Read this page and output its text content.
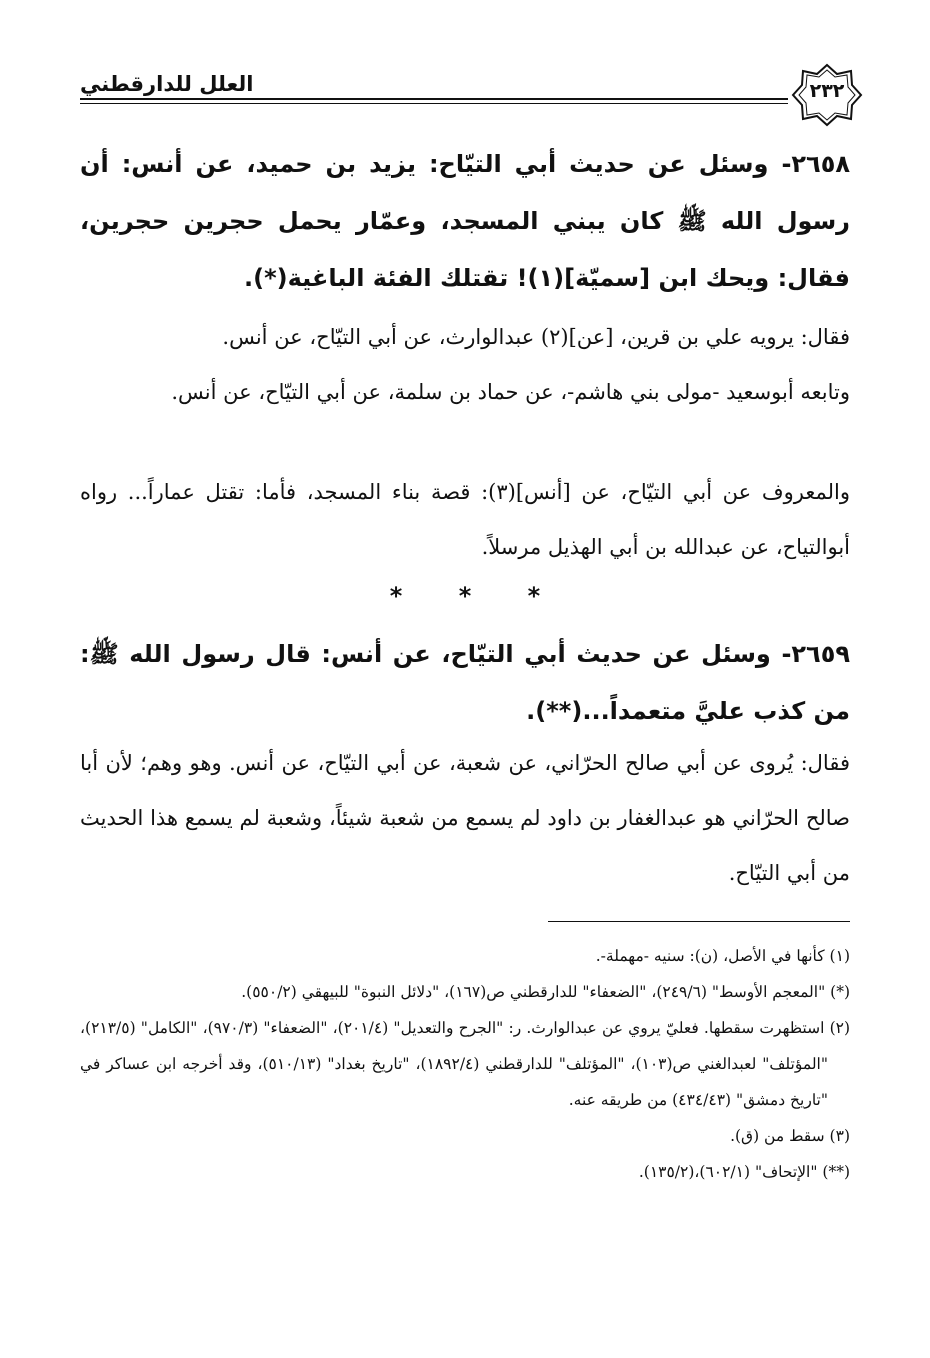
العلل للدارقطني	٢٣٢

٢٦٥٨- وسئل عن حديث أبي التيّاح: يزيد بن حميد، عن أنس: أن رسول الله ﷺ كان يبني المسجد، وعمّار يحمل حجرين حجرين، فقال: ويحك ابن [سميّة](١)! تقتلك الفئة الباغية(*).

فقال: يرويه علي بن قرين، [عن](٢) عبدالوارث، عن أبي التيّاح، عن أنس.

وتابعه أبوسعيد -مولى بني هاشم-، عن حماد بن سلمة، عن أبي التيّاح، عن أنس.

والمعروف عن أبي التيّاح، عن [أنس](٣): قصة بناء المسجد، فأما: تقتل عماراً... رواه أبوالتياح، عن عبدالله بن أبي الهذيل مرسلاً.

* * *

٢٦٥٩- وسئل عن حديث أبي التيّاح، عن أنس: قال رسول الله ﷺ: من كذب عليَّ متعمداً...(**).

فقال: يُروى عن أبي صالح الحرّاني، عن شعبة، عن أبي التيّاح، عن أنس. وهو وهم؛ لأن أبا صالح الحرّاني هو عبدالغفار بن داود لم يسمع من شعبة شيئاً، وشعبة لم يسمع هذا الحديث من أبي التيّاح.

(١) كأنها في الأصل، (ن): سنيه -مهملة-.

(*) "المعجم الأوسط" (٢٤٩/٦)، "الضعفاء" للدارقطني ص(١٦٧)، "دلائل النبوة" للبيهقي (٥٥٠/٢).

(٢) استظهرت سقطها. فعليّ يروي عن عبدالوارث. ر: "الجرح والتعديل" (٢٠١/٤)، "الضعفاء" (٩٧٠/٣)، "الكامل" (٢١٣/٥)، "المؤتلف" لعبدالغني ص(١٠٣)، "المؤتلف" للدارقطني (١٨٩٢/٤)، "تاريخ بغداد" (٥١٠/١٣)، وقد أخرجه ابن عساكر في "تاريخ دمشق" (٤٣٤/٤٣) من طريقه عنه.

(٣) سقط من (ق).

(**) "الإتحاف" (٦٠٢/١)،(١٣٥/٢).
